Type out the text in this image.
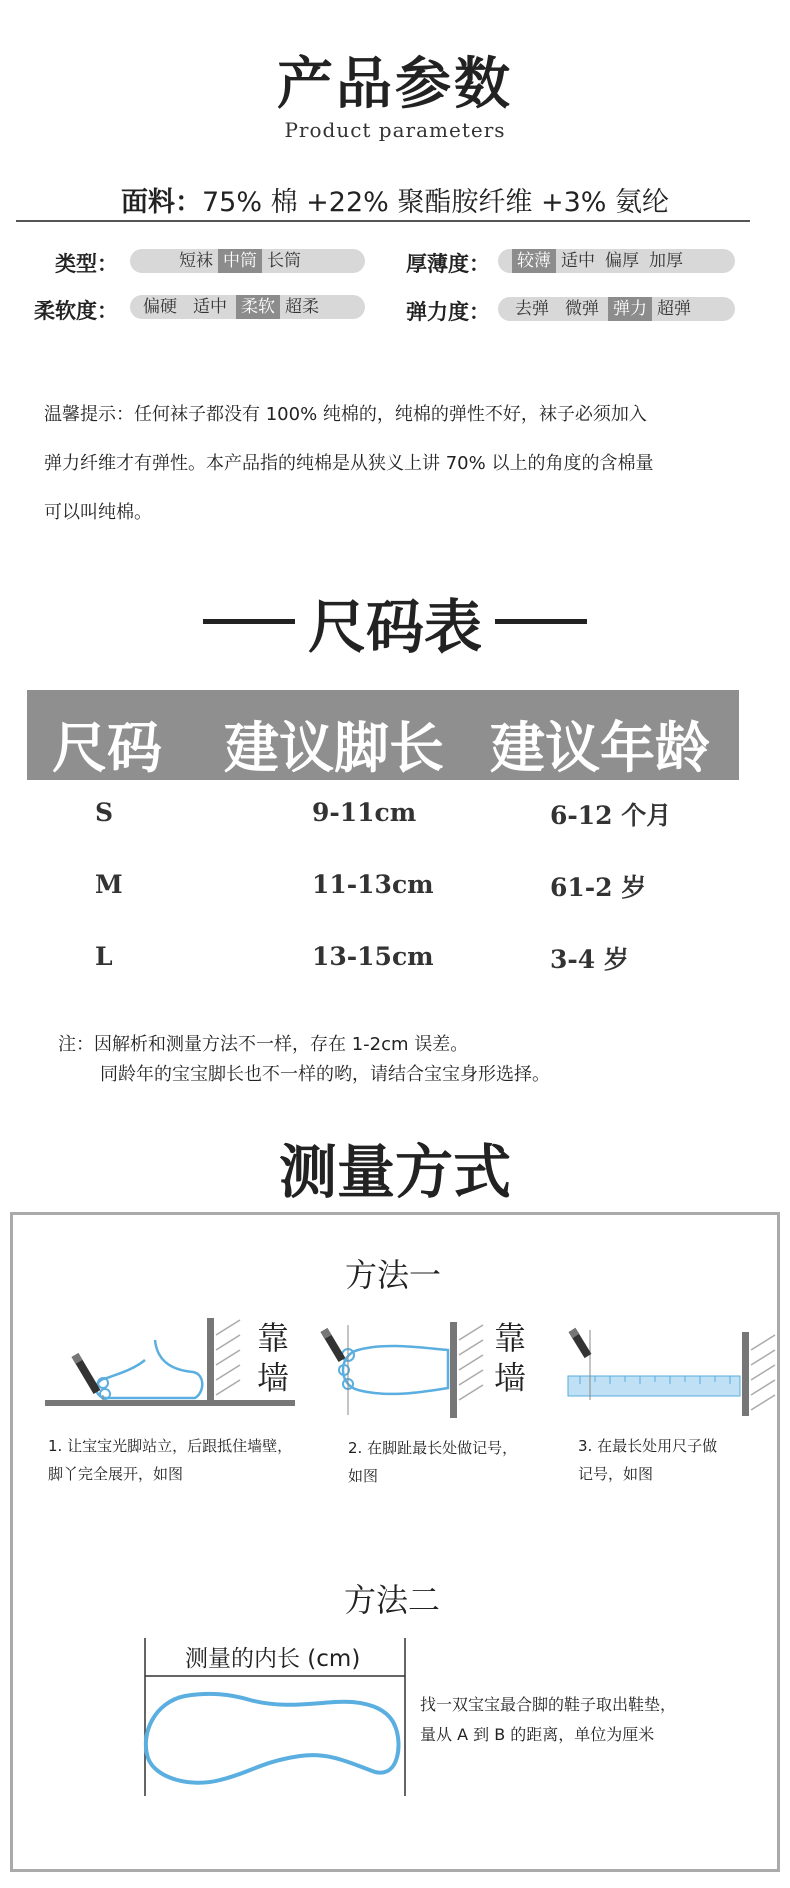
产品参数
Product parameters
面料：75% 棉 +22% 聚酯胺纤维 +3% 氨纶
类型：	短袜 中筒 长筒	厚薄度： 较薄 适中 偏厚 加厚
柔软度： 偏硬 适中 柔软 超柔	弹力度： 去弹 微弹 弹力 超弹
温馨提示：任何袜子都没有 100% 纯棉的，纯棉的弹性不好，袜子必须加入
弹力纤维才有弹性。本产品指的纯棉是从狭义上讲 70% 以上的角度的含棉量
可以叫纯棉。
尺码表
尺码 建议脚长 建议年龄
S	9-11cm	6-12 个月
M	11-13cm	61-2 岁
L	13-15cm	3-4 岁
注：因解析和测量方法不一样，存在 1-2cm 误差。
同龄年的宝宝脚长也不一样的哟，请结合宝宝身形选择。
测量方式
方法一
靠
墙
靠
墙
1. 让宝宝光脚站立，后跟抵住墙壁，
脚丫完全展开，如图
2. 在脚趾最长处做记号，
如图
3. 在最长处用尺子做
记号，如图
方法二
测量的内长 (cm)
找一双宝宝最合脚的鞋子取出鞋垫，
量从 A 到 B 的距离，单位为厘米
